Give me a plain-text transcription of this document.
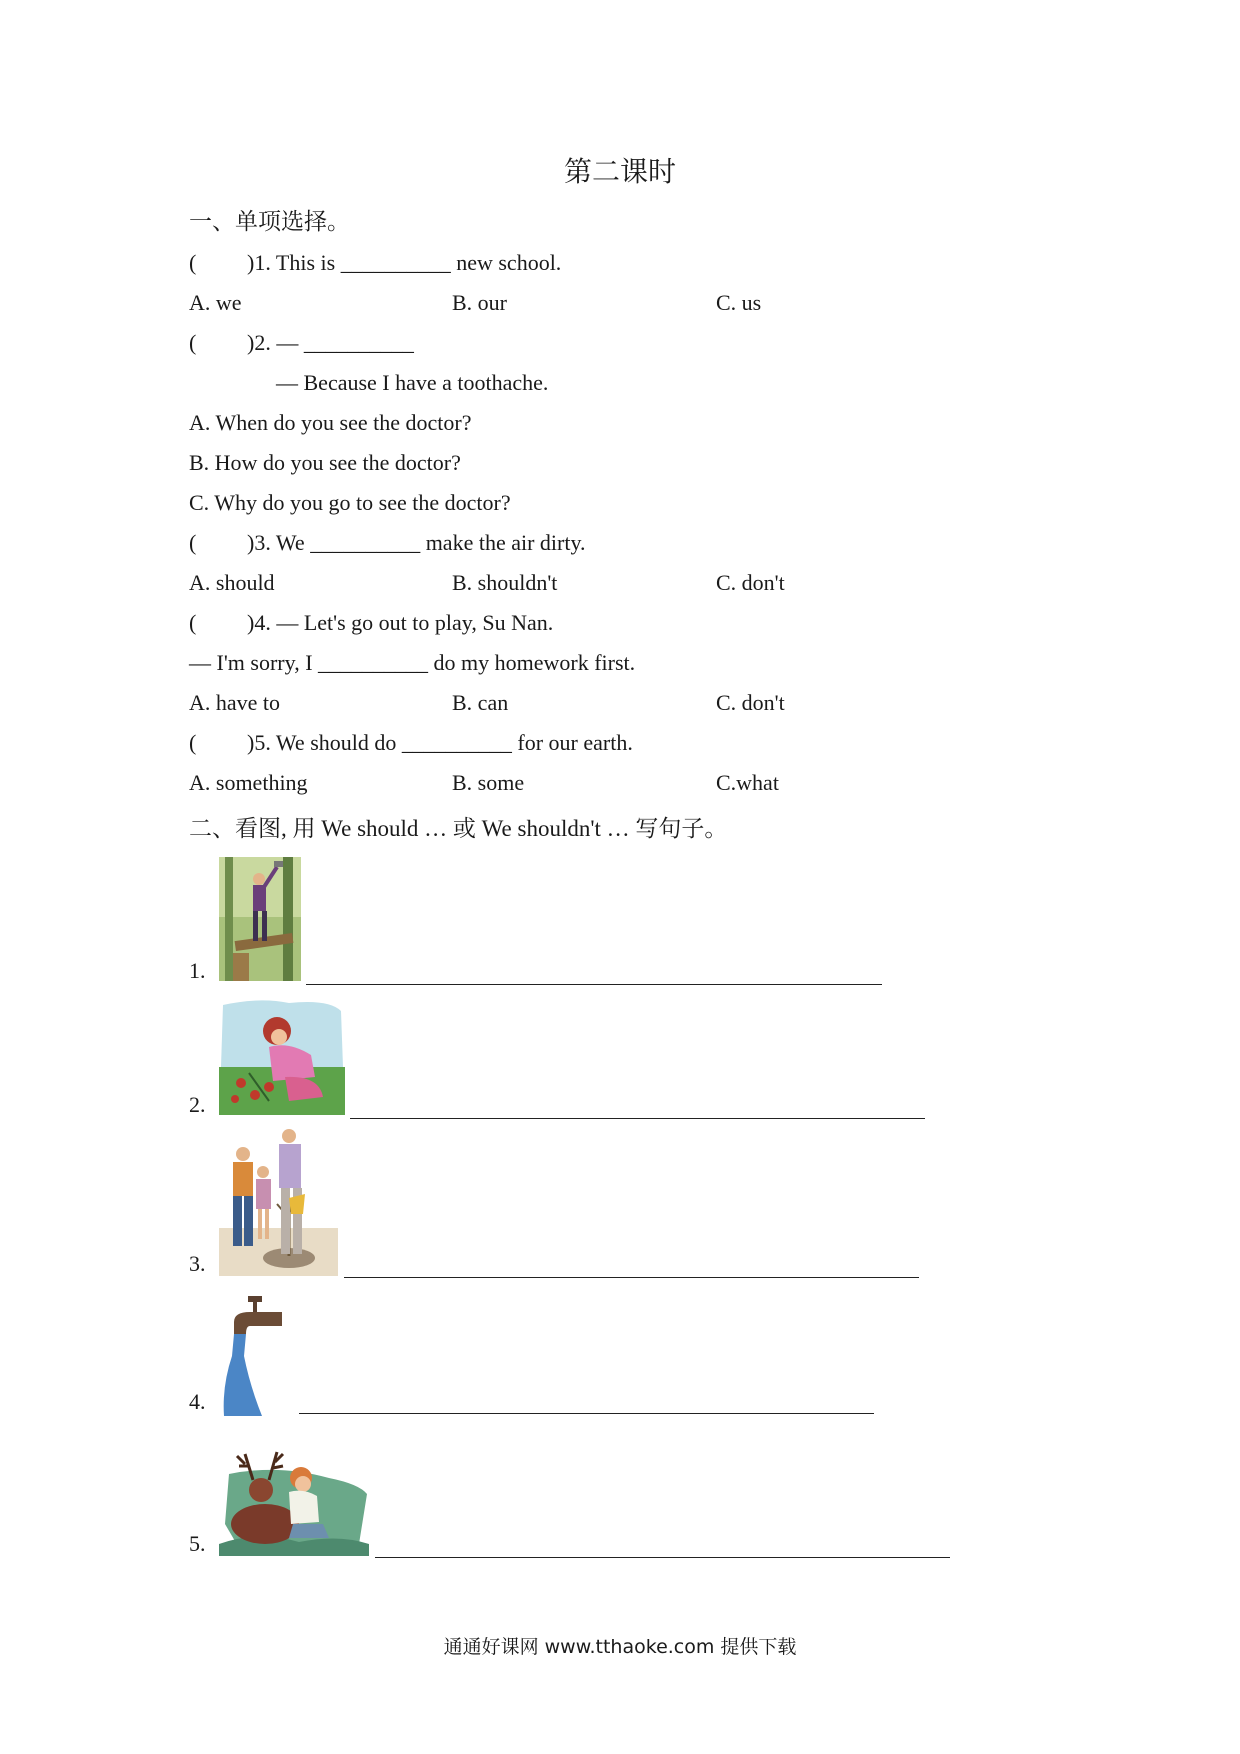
第二课时
一、单项选择。
( )1. This is __________ new school.
A. we	B. our	C. us
( )2. — __________
— Because I have a toothache.
A. When do you see the doctor?
B. How do you see the doctor?
C. Why do you go to see the doctor?
( )3. We __________ make the air dirty.
A. should	B. shouldn't	C. don't
( )4. — Let's go out to play, Su Nan.
— I'm sorry, I __________ do my homework first.
A. have to	B. can	C. don't
( )5. We should do __________ for our earth.
A. something	B. some	C.what
二、看图, 用 We should … 或 We shouldn't … 写句子。
1.
2.
3.
4.
5.
通通好课网 www.tthaoke.com 提供下载
